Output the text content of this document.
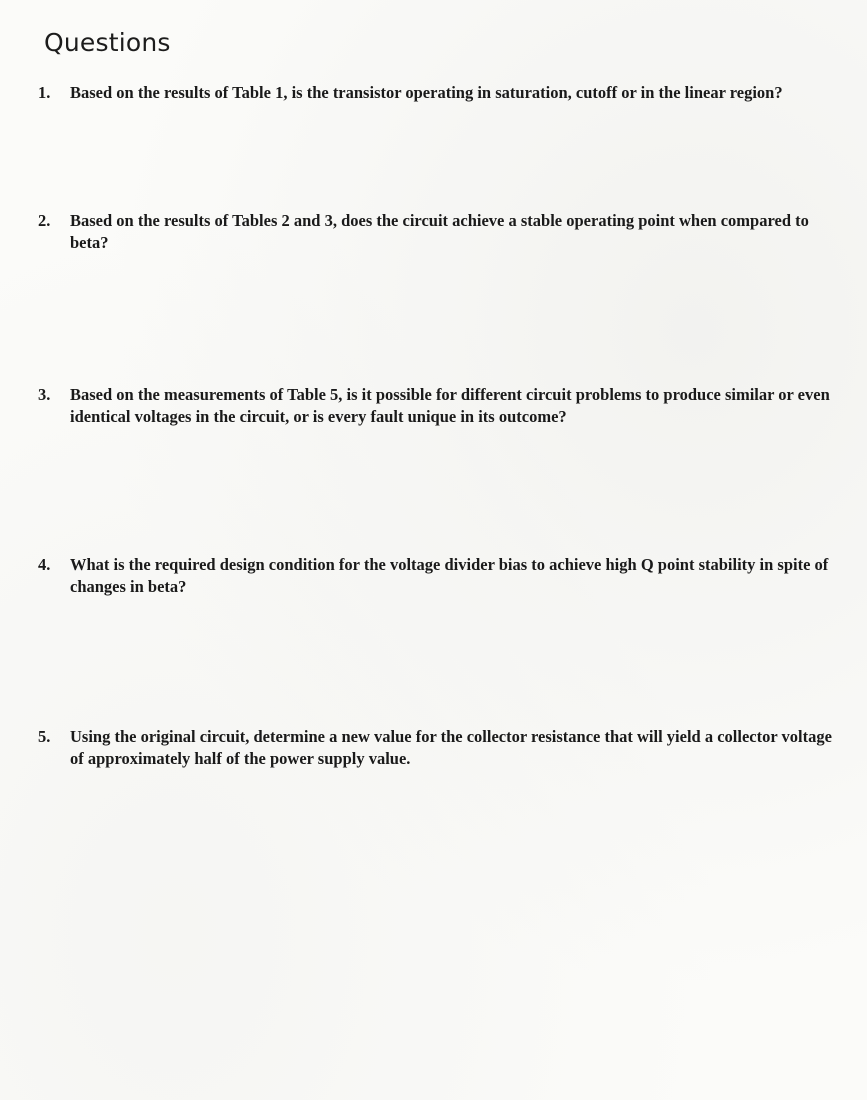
Questions
1.	Based on the results of Table 1, is the transistor operating in saturation, cutoff or in the linear region?
2.	Based on the results of Tables 2 and 3, does the circuit achieve a stable operating point when compared to beta?
3.	Based on the measurements of Table 5, is it possible for different circuit problems to produce similar or even identical voltages in the circuit, or is every fault unique in its outcome?
4.	What is the required design condition for the voltage divider bias to achieve high Q point stability in spite of changes in beta?
5.	Using the original circuit, determine a new value for the collector resistance that will yield a collector voltage of approximately half of the power supply value.
